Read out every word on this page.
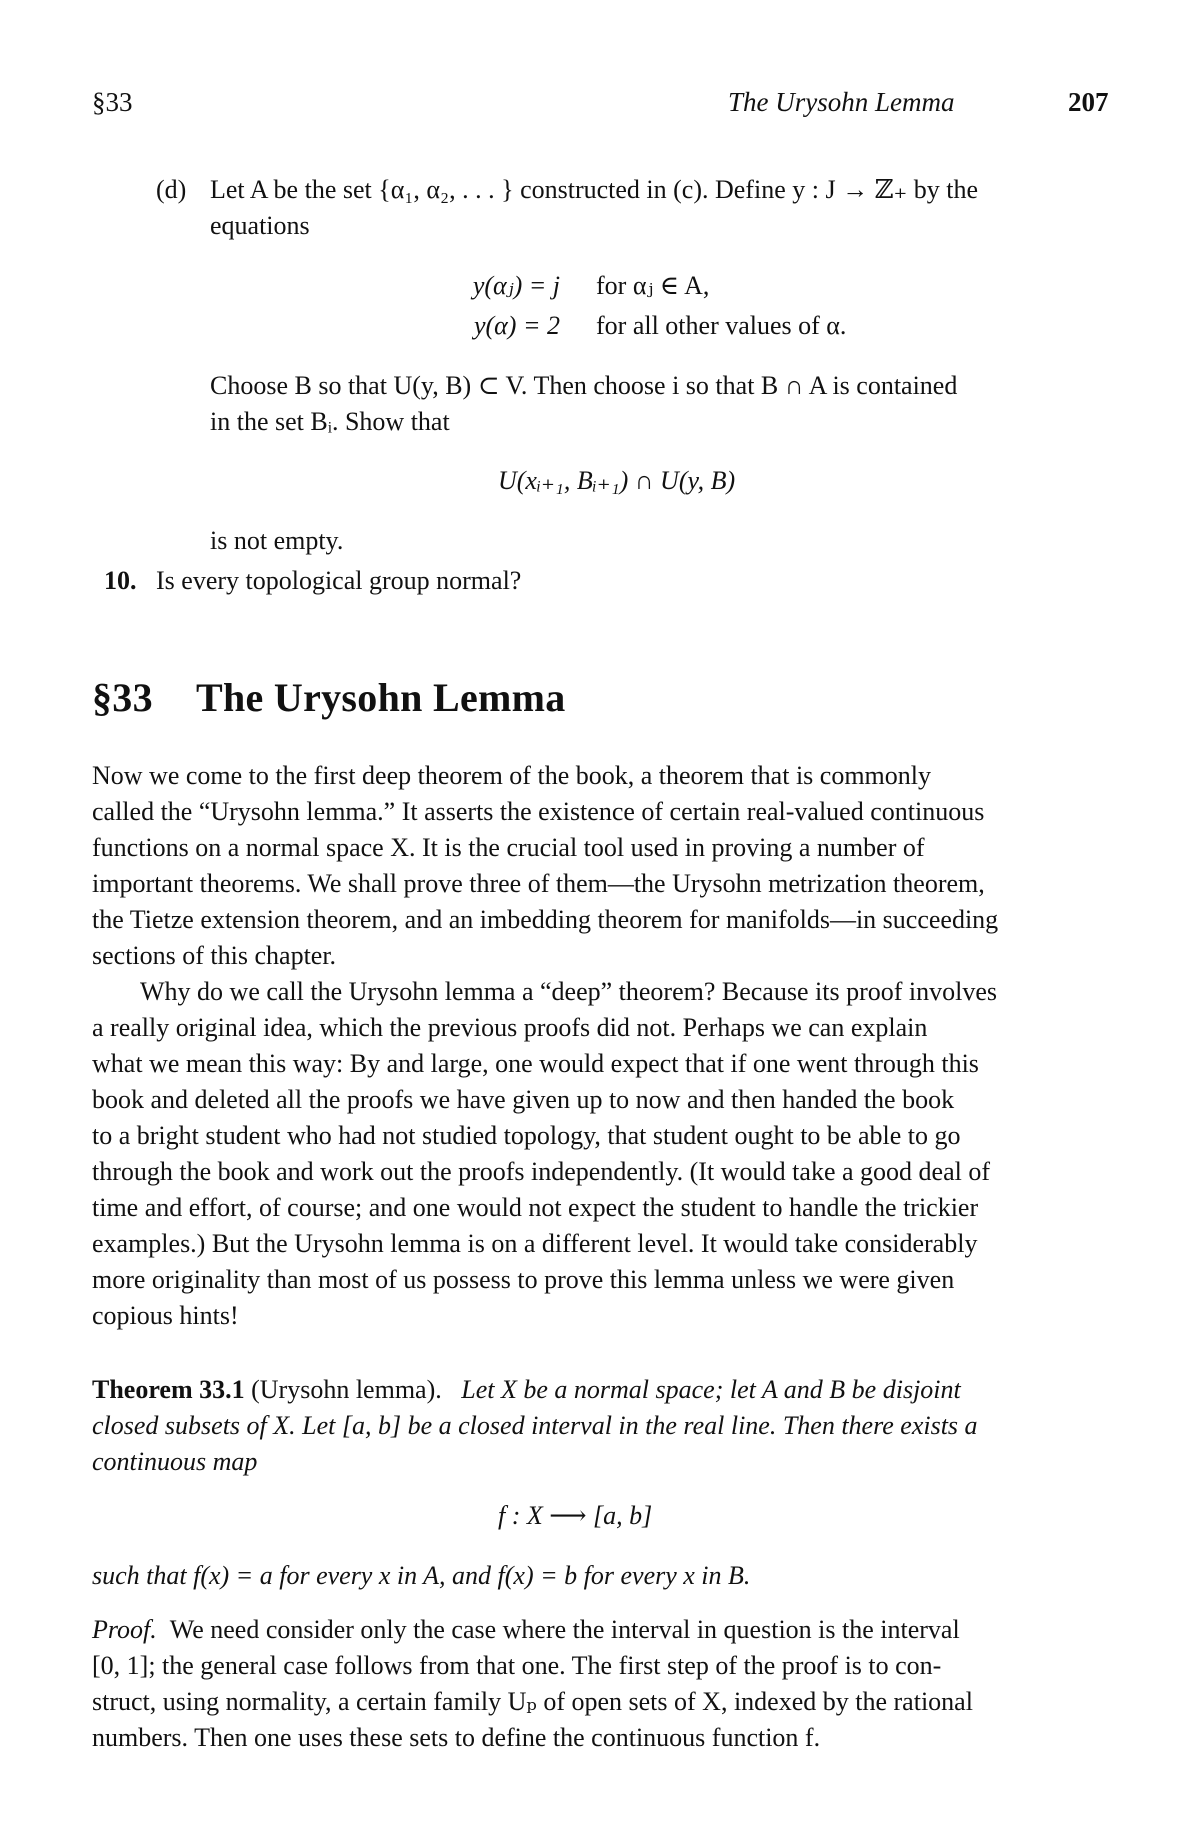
§33	The Urysohn Lemma	207
(d) Let A be the set {α₁, α₂, . . . } constructed in (c). Define y : J → ℤ₊ by the
equations
y(αⱼ) = j for αⱼ ∈ A,
y(α) = 2 for all other values of α.
Choose B so that U(y, B) ⊂ V. Then choose i so that B ∩ A is contained
in the set Bᵢ. Show that
U(xᵢ₊₁, Bᵢ₊₁) ∩ U(y, B)
is not empty.
10. Is every topological group normal?
§33 The Urysohn Lemma
Now we come to the first deep theorem of the book, a theorem that is commonly
called the “Urysohn lemma.” It asserts the existence of certain real-valued continuous
functions on a normal space X. It is the crucial tool used in proving a number of
important theorems. We shall prove three of them—the Urysohn metrization theorem,
the Tietze extension theorem, and an imbedding theorem for manifolds—in succeeding
sections of this chapter.
Why do we call the Urysohn lemma a “deep” theorem? Because its proof involves
a really original idea, which the previous proofs did not. Perhaps we can explain
what we mean this way: By and large, one would expect that if one went through this
book and deleted all the proofs we have given up to now and then handed the book
to a bright student who had not studied topology, that student ought to be able to go
through the book and work out the proofs independently. (It would take a good deal of
time and effort, of course; and one would not expect the student to handle the trickier
examples.) But the Urysohn lemma is on a different level. It would take considerably
more originality than most of us possess to prove this lemma unless we were given
copious hints!
Theorem 33.1 (Urysohn lemma). Let X be a normal space; let A and B be disjoint
closed subsets of X. Let [a, b] be a closed interval in the real line. Then there exists a
continuous map
f : X ⟶ [a, b]
such that f(x) = a for every x in A, and f(x) = b for every x in B.
Proof. We need consider only the case where the interval in question is the interval
[0, 1]; the general case follows from that one. The first step of the proof is to con-
struct, using normality, a certain family Uₚ of open sets of X, indexed by the rational
numbers. Then one uses these sets to define the continuous function f.
